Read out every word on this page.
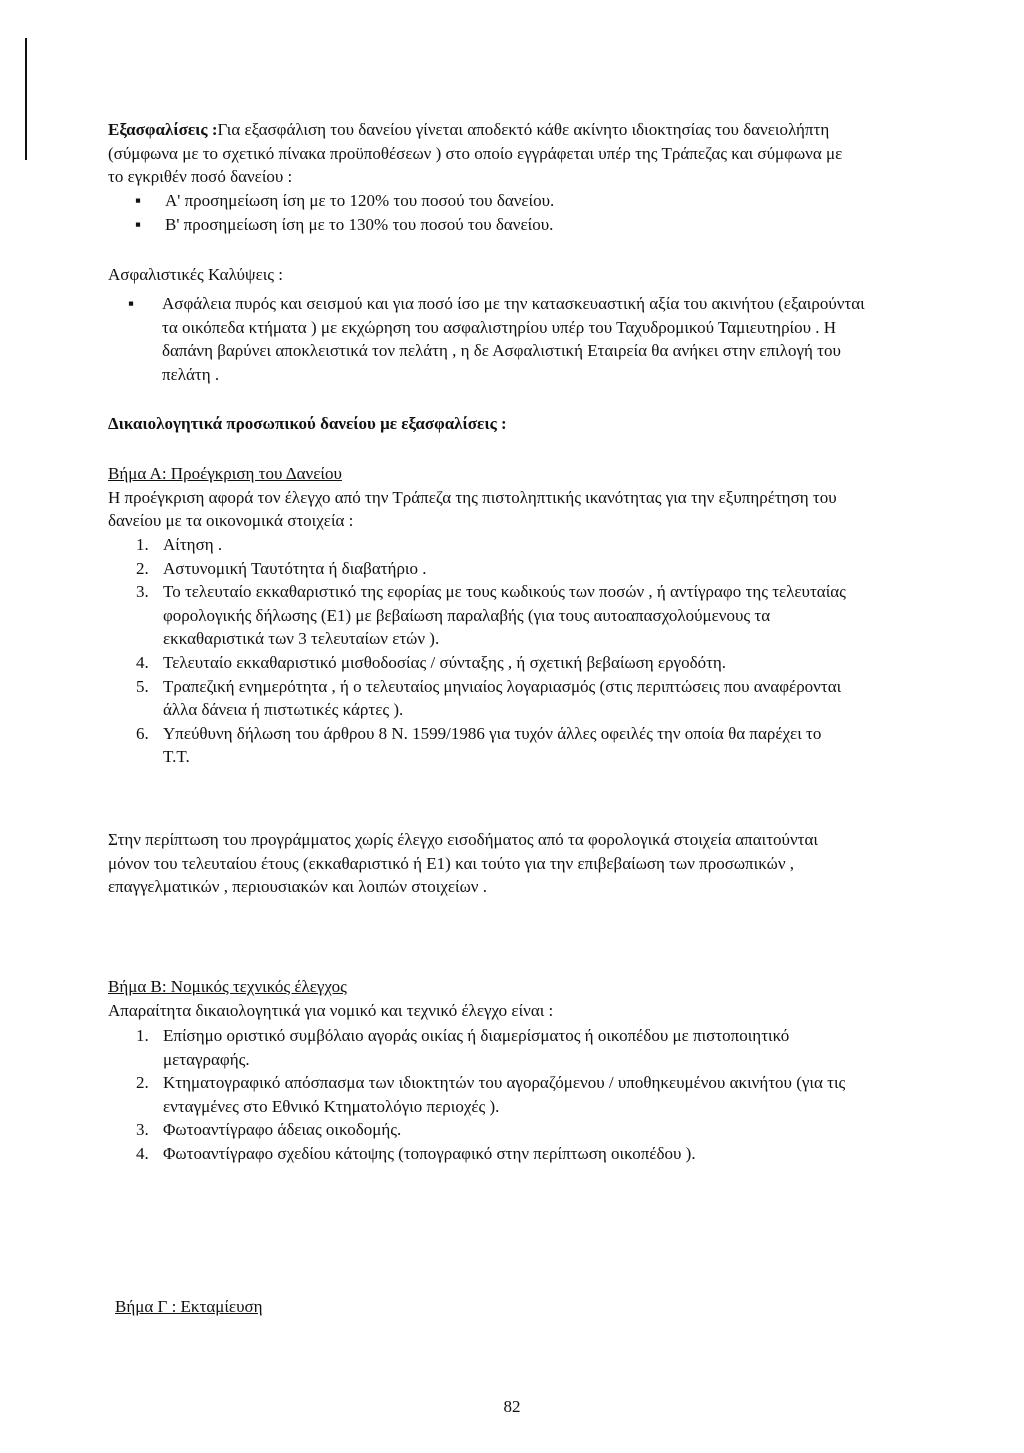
Εξασφαλίσεις :Για εξασφάλιση του δανείου γίνεται αποδεκτό κάθε ακίνητο ιδιοκτησίας του δανειολήπτη (σύμφωνα με το σχετικό πίνακα προϋποθέσεων ) στο οποίο εγγράφεται υπέρ της Τράπεζας και σύμφωνα με το εγκριθέν ποσό δανείου :

▪ Α' προσημείωση ίση με το 120% του ποσού του δανείου.
▪ Β' προσημείωση ίση με το 130% του ποσού του δανείου.

Ασφαλιστικές Καλύψεις :

▪ Ασφάλεια πυρός και σεισμού και για ποσό ίσο με την κατασκευαστική αξία του ακινήτου (εξαιρούνται τα οικόπεδα κτήματα ) με εκχώρηση του ασφαλιστηρίου υπέρ του Ταχυδρομικού Ταμιευτηρίου . Η δαπάνη βαρύνει αποκλειστικά τον πελάτη , η δε Ασφαλιστική Εταιρεία θα ανήκει στην επιλογή του πελάτη .

Δικαιολογητικά προσωπικού δανείου με εξασφαλίσεις :

Βήμα Α: Προέγκριση του Δανείου

Η προέγκριση αφορά τον έλεγχο από την Τράπεζα της πιστοληπτικής ικανότητας για την εξυπηρέτηση του δανείου με τα οικονομικά στοιχεία :

1. Αίτηση .
2. Αστυνομική Ταυτότητα ή διαβατήριο .
3. Το τελευταίο εκκαθαριστικό της εφορίας με τους κωδικούς των ποσών , ή αντίγραφο της τελευταίας φορολογικής δήλωσης (Ε1) με βεβαίωση παραλαβής (για τους αυτοαπασχολούμενους τα εκκαθαριστικά των 3 τελευταίων ετών ).
4. Τελευταίο εκκαθαριστικό μισθοδοσίας / σύνταξης , ή σχετική βεβαίωση εργοδότη.
5. Τραπεζική ενημερότητα , ή ο τελευταίος μηνιαίος λογαριασμός (στις περιπτώσεις που αναφέρονται άλλα δάνεια ή πιστωτικές κάρτες ).
6. Υπεύθυνη δήλωση του άρθρου 8 Ν. 1599/1986 για τυχόν άλλες οφειλές την οποία θα παρέχει το Τ.Τ.

Στην περίπτωση του προγράμματος χωρίς έλεγχο εισοδήματος από τα φορολογικά στοιχεία απαιτούνται μόνον του τελευταίου έτους (εκκαθαριστικό ή Ε1) και τούτο για την επιβεβαίωση των προσωπικών , επαγγελματικών , περιουσιακών και λοιπών στοιχείων .

Βήμα Β: Νομικός τεχνικός έλεγχος

Απαραίτητα δικαιολογητικά για νομικό και τεχνικό έλεγχο είναι :

1. Επίσημο οριστικό συμβόλαιο αγοράς οικίας ή διαμερίσματος ή οικοπέδου με πιστοποιητικό μεταγραφής.
2. Κτηματογραφικό απόσπασμα των ιδιοκτητών του αγοραζόμενου / υποθηκευμένου ακινήτου (για τις ενταγμένες στο Εθνικό Κτηματολόγιο περιοχές ).
3. Φωτοαντίγραφο άδειας οικοδομής.
4. Φωτοαντίγραφο σχεδίου κάτοψης (τοπογραφικό στην περίπτωση οικοπέδου ).

Βήμα Γ : Εκταμίευση

82
